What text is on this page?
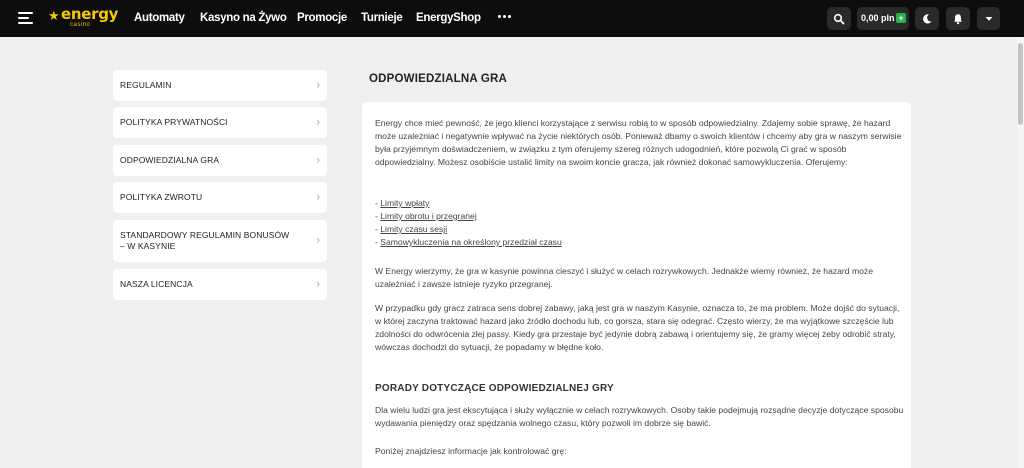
★ energy
casino
Automaty Kasyno na Żywo Promocje Turnieje EnergyShop	0,00 pln +
REGULAMIN	›
POLITYKA PRYWATNOŚCI	›
ODPOWIEDZIALNA GRA	›
POLITYKA ZWROTU	›
STANDARDOWY REGULAMIN BONUSÓW – W KASYNIE	›
NASZA LICENCJA	›
ODPOWIEDZIALNA GRA

Energy chce mieć pewność, że jego klienci korzystające z serwisu robią to w sposób odpowiedzialny. Zdajemy sobie sprawę, że hazard może uzależniać i negatywnie wpływać na życie niektórych osób. Ponieważ dbamy o swoich klientów i chcemy aby gra w naszym serwisie była przyjemnym doświadczeniem, w związku z tym oferujemy szereg różnych udogodnień, które pozwolą Ci grać w sposób odpowiedzialny. Możesz osobiście ustalić limity na swoim koncie gracza, jak również dokonać samowykluczenia. Oferujemy:

- Limity wpłaty
- Limity obrotu i przegranej
- Limity czasu sesji
- Samowykluczenia na określony przedział czasu

W Energy wierzymy, że gra w kasynie powinna cieszyć i służyć w celach rozrywkowych. Jednakże wiemy również, że hazard może uzależniać i zawsze istnieje ryzyko przegranej.

W przypadku gdy gracz zatraca sens dobrej zabawy, jaką jest gra w naszym Kasynie, oznacza to, że ma problem. Może dojść do sytuacji, w której zaczyna traktować hazard jako źródło dochodu lub, co gorsza, stara się odegrać. Często wierzy, że ma wyjątkowe szczęście lub zdolności do odwrócenia złej passy. Kiedy gra przestaje być jedynie dobrą zabawą i orientujemy się, że gramy więcej żeby odrobić straty, wówczas dochodzi do sytuacji, że popadamy w błędne koło.

PORADY DOTYCZĄCE ODPOWIEDZIALNEJ GRY

Dla wielu ludzi gra jest ekscytująca i służy wyłącznie w celach rozrywkowych. Osoby takie podejmują rozsądne decyzje dotyczące sposobu wydawania pieniędzy oraz spędzania wolnego czasu, który pozwoli im dobrze się bawić.

Poniżej znajdziesz informacje jak kontrolować grę:
